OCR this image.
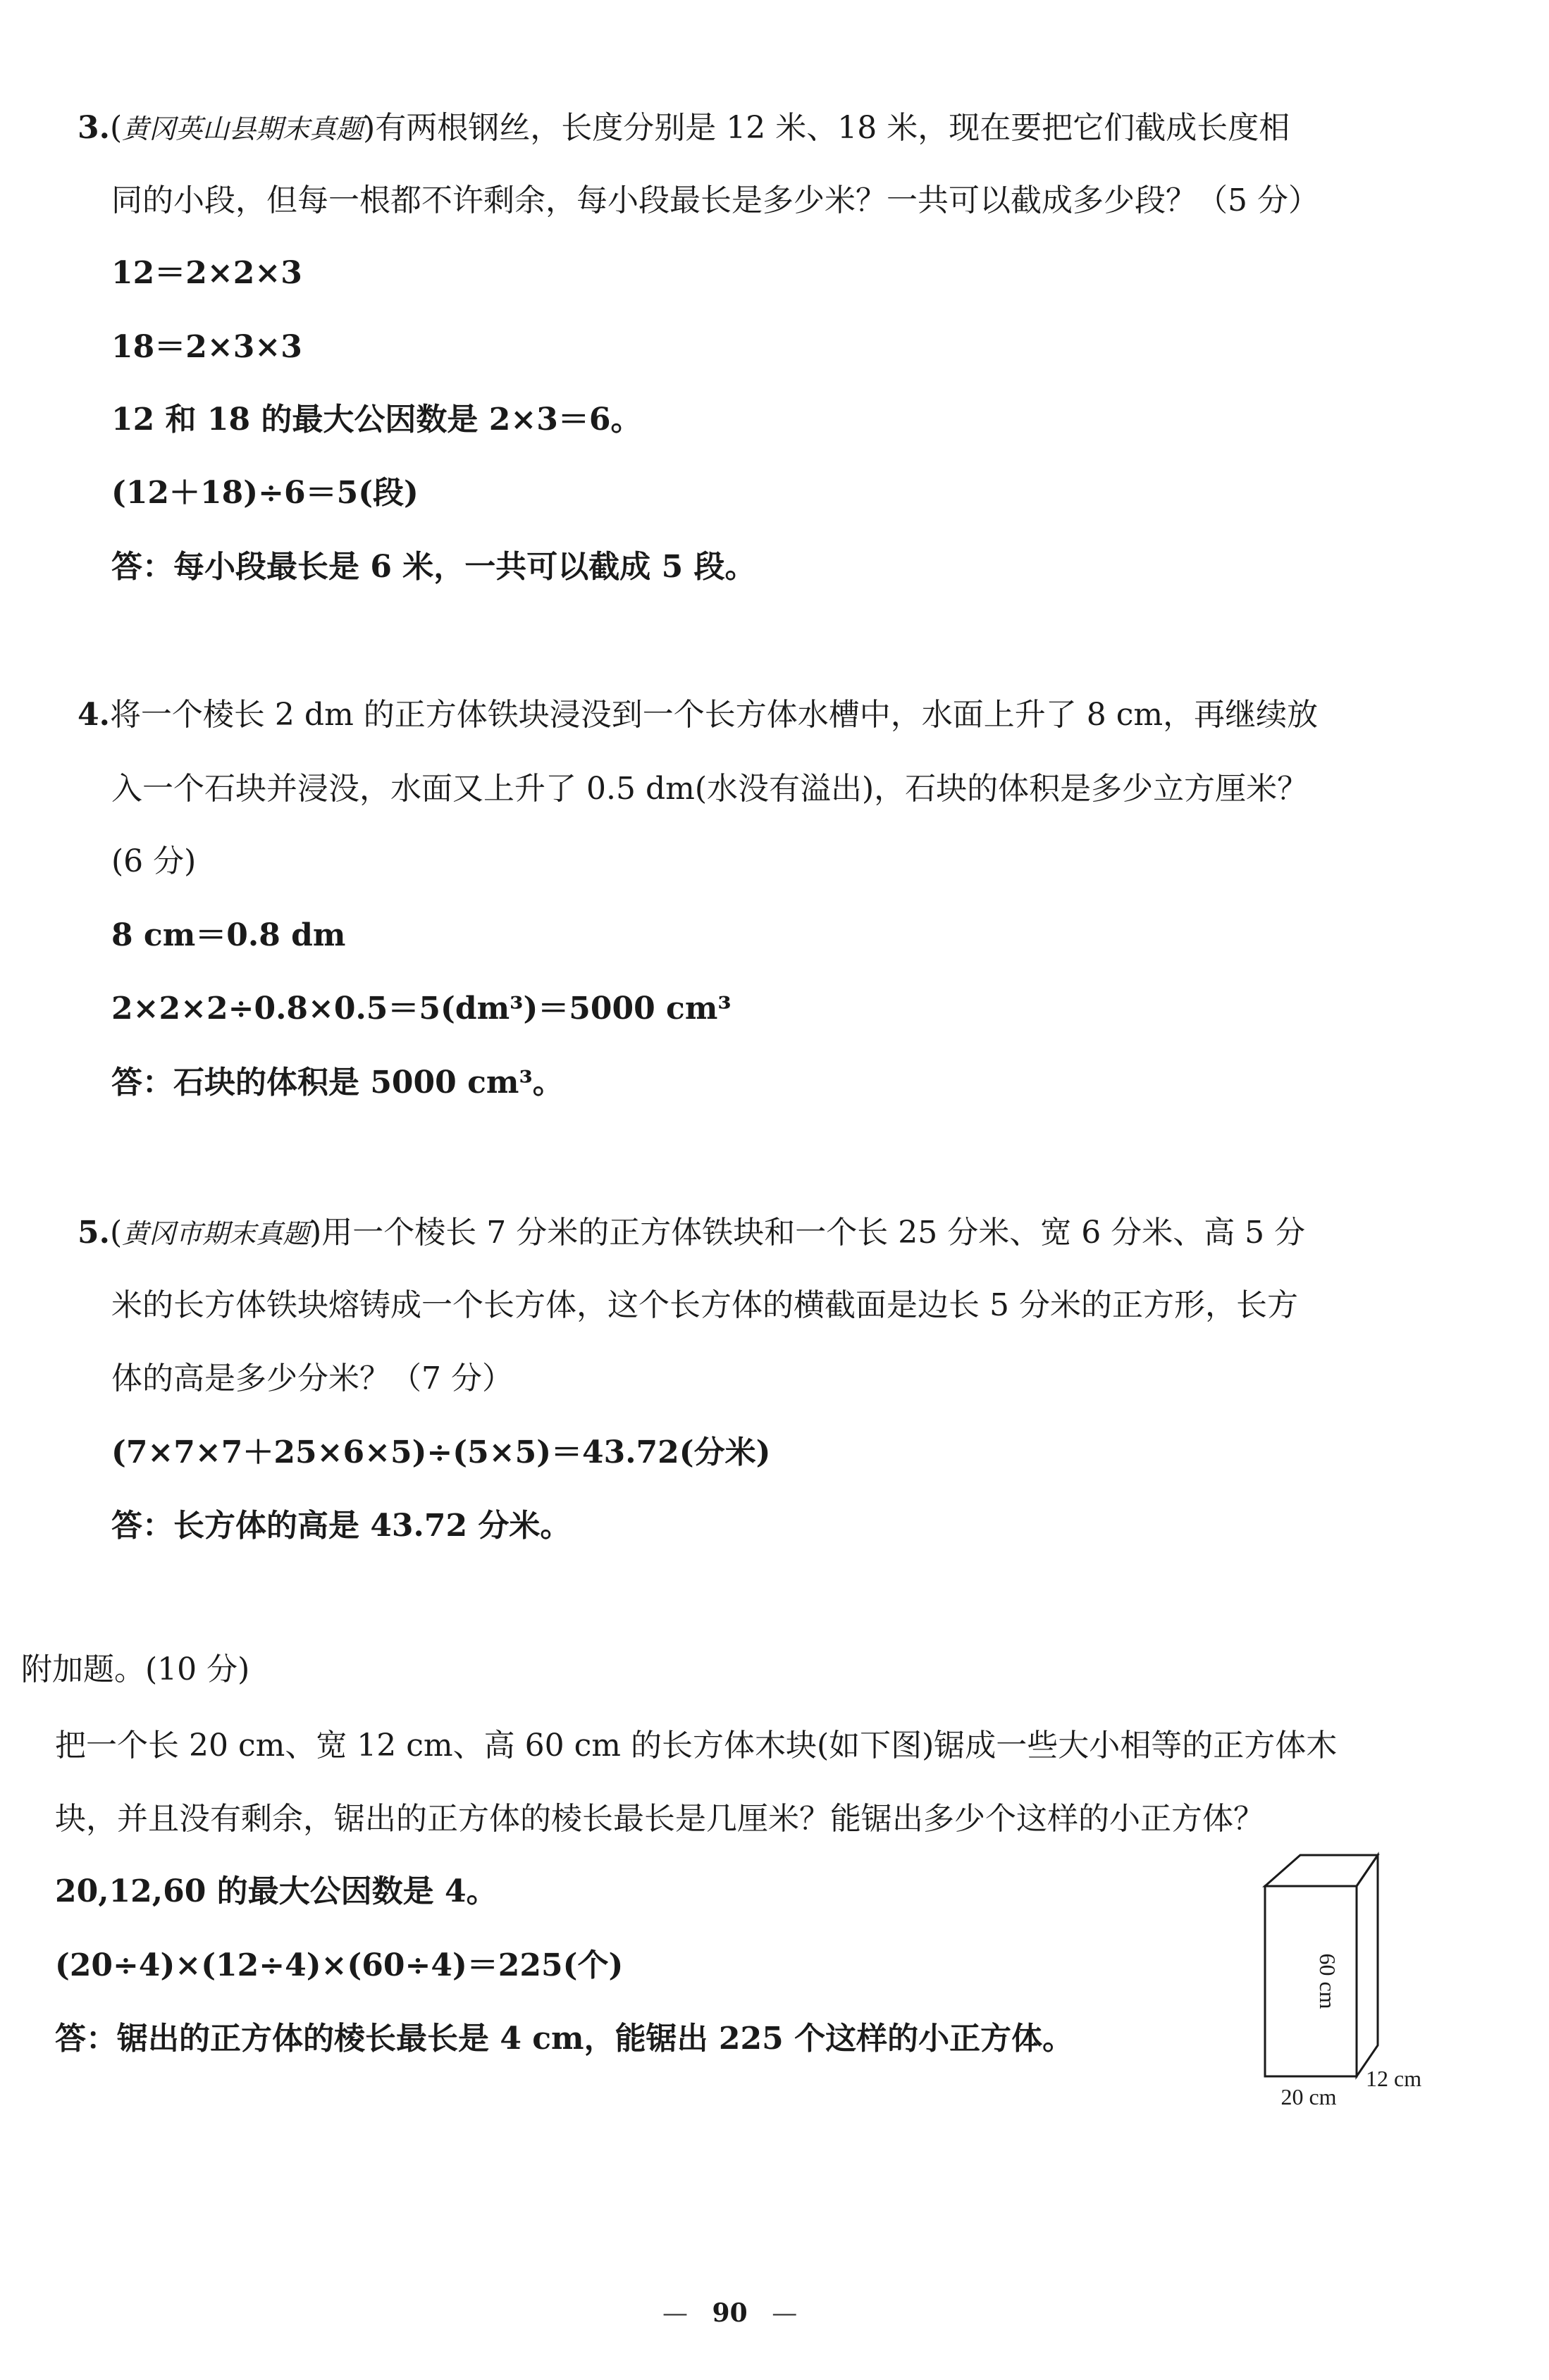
3.(黄冈英山县期末真题)有两根钢丝，长度分别是 12 米、18 米，现在要把它们截成长度相
同的小段，但每一根都不许剩余，每小段最长是多少米？一共可以截成多少段？（5 分）
12＝2×2×3
18＝2×3×3
12 和 18 的最大公因数是 2×3＝6。
(12＋18)÷6＝5(段)
答：每小段最长是 6 米，一共可以截成 5 段。
4.将一个棱长 2 dm 的正方体铁块浸没到一个长方体水槽中，水面上升了 8 cm，再继续放
入一个石块并浸没，水面又上升了 0.5 dm(水没有溢出)，石块的体积是多少立方厘米？
(6 分)
8 cm＝0.8 dm
2×2×2÷0.8×0.5＝5(dm³)＝5000 cm³
答：石块的体积是 5000 cm³。
5.(黄冈市期末真题)用一个棱长 7 分米的正方体铁块和一个长 25 分米、宽 6 分米、高 5 分
米的长方体铁块熔铸成一个长方体，这个长方体的横截面是边长 5 分米的正方形，长方
体的高是多少分米？（7 分）
(7×7×7＋25×6×5)÷(5×5)＝43.72(分米)
答：长方体的高是 43.72 分米。
附加题。(10 分)
把一个长 20 cm、宽 12 cm、高 60 cm 的长方体木块(如下图)锯成一些大小相等的正方体木
块，并且没有剩余，锯出的正方体的棱长最长是几厘米？能锯出多少个这样的小正方体？
20,12,60 的最大公因数是 4。
(20÷4)×(12÷4)×(60÷4)＝225(个)
答：锯出的正方体的棱长最长是 4 cm，能锯出 225 个这样的小正方体。
60 cm
20 cm
12 cm
— 90 —
